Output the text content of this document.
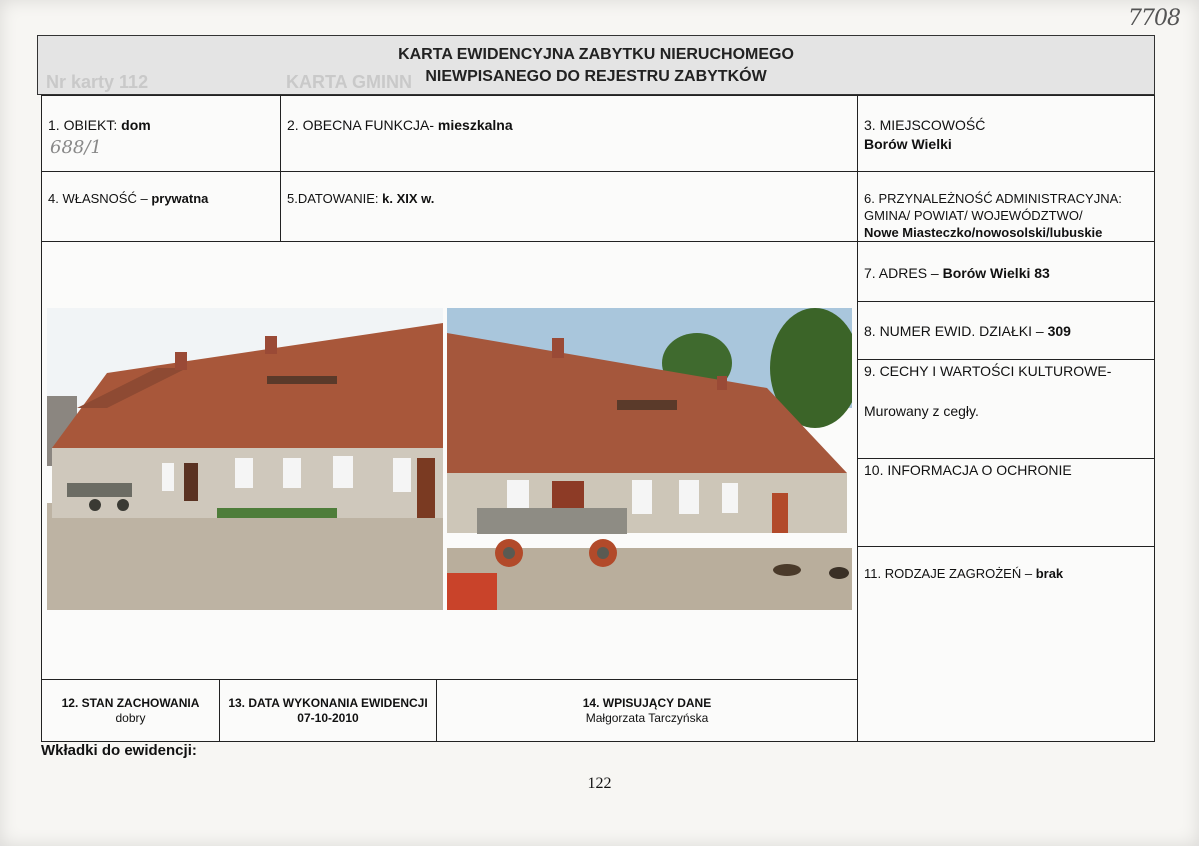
7708
Nr karty 112	KARTA GMINN
KARTA EWIDENCYJNA ZABYTKU NIERUCHOMEGO
NIEWPISANEGO DO REJESTRU ZABYTKÓW
1. OBIEKT: dom
688/1
2. OBECNA FUNKCJA- mieszkalna	3. MIEJSCOWOŚĆ
Borów Wielki
4. WŁASNOŚĆ – prywatna	5.DATOWANIE: k. XIX w.	6. PRZYNALEŻNOŚĆ ADMINISTRACYJNA:
GMINA/ POWIAT/ WOJEWÓDZTWO/
Nowe Miasteczko/nowosolski/lubuskie
7. ADRES – Borów Wielki 83
8. NUMER EWID. DZIAŁKI – 309
9. CECHY I WARTOŚCI KULTUROWE-
Murowany z cegły.
10. INFORMACJA O OCHRONIE
11. RODZAJE ZAGROŻEŃ – brak
12. STAN ZACHOWANIA
dobry
13. DATA WYKONANIA EWIDENCJI
07-10-2010
14. WPISUJĄCY DANE
Małgorzata Tarczyńska
Wkładki do ewidencji:
122
